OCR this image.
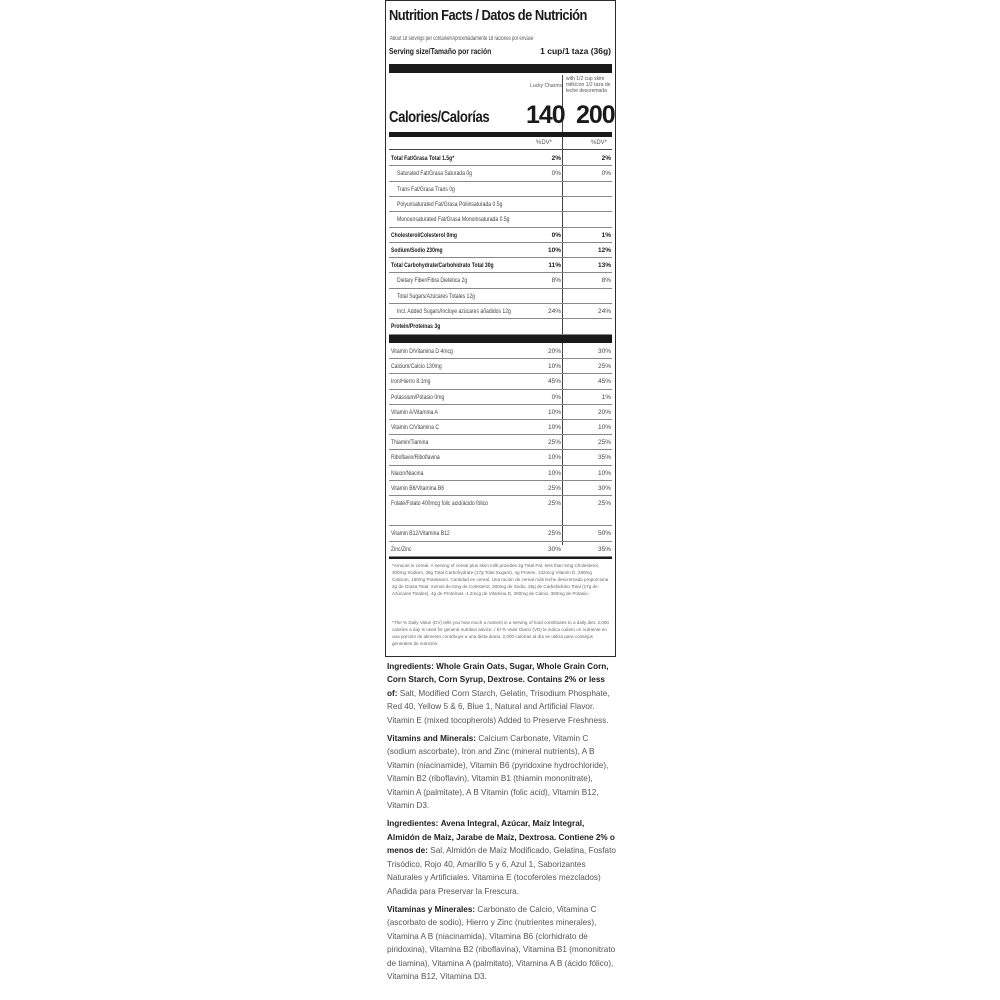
Nutrition Facts / Datos de Nutrición
About 18 servings per container/Aproximadamente 18 raciones por envase
Serving size/Tamaño por ración	1 cup/1 taza (36g)
Lucky Charms
with 1/2 cup skim milk/con 1/2 taza de leche descremada
Calories/Calorías 140 200
%DV*	%DV*
*Amount in cereal. A serving of cereal plus skim milk provides 2g Total Fat, less than 5mg Cholesterol, 300mg Sodium, 36g Total Carbohydrate (17g Total Sugars), 4g Protein, 132mcg Vitamin D, 280mg Calcium, 160mg Potassium. Cantidad en cereal. Una ración de cereal más leche descremada proporciona 2g de Grasa Total, menos de 5mg de Colesterol, 300mg de Sodio, 36g de Carbohidrato Total (17g de Azúcares Totales), 4g de Proteínas, 4.2mcg de Vitamina D, 280mg de Calcio, 360mg de Potasio.
*The % Daily Value (DV) tells you how much a nutrient in a serving of food contributes to a daily diet. 2,000 calories a day is used for general nutrition advice. / El % Valor Diario (VD) le indica cuánto un nutriente en una porción de alimento contribuye a una dieta diaria. 2,000 calorías al día se utiliza para consejos generales de nutrición.
Total Fat/Grasa Total 1.5g*	2%	2%
Saturated Fat/Grasa Saturada 0g	0%	0%
Trans Fat/Grasa Trans 0g
Polyunsaturated Fat/Grasa Poliinsaturada 0.5g
Monounsaturated Fat/Grasa Monoinsaturada 0.5g
Cholesterol/Colesterol 0mg	0%	1%
Sodium/Sodio 230mg	10%	12%
Total Carbohydrate/Carbohidrato Total 30g	11%	13%
Dietary Fiber/Fibra Dietética 2g	8%	8%
Total Sugars/Azúcares Totales 12g
Incl. Added Sugars/Incluye azúcares añadidos 12g	24%	24%
Protein/Proteínas 3g
Vitamin D/Vitamina D 4mcg	20%	30%
Calcium/Calcio 130mg	10%	25%
Iron/Hierro 8.1mg	45%	45%
Potassium/Potasio 0mg	0%	1%
Vitamin A/Vitamina A	10%	20%
Vitamin C/Vitamina C	10%	10%
Thiamin/Tiamina	25%	25%
Riboflavin/Riboflavina	10%	35%
Niacin/Niacina	10%	10%
Vitamin B6/Vitamina B6	25%	30%
Folate/Folato 400mcg folic acid/ácido fólico	25%	25%
Vitamin B12/Vitamina B12	25%	50%
Zinc/Zinc	30%	35%

Ingredients: Whole Grain Oats, Sugar, Whole Grain Corn, Corn Starch, Corn Syrup, Dextrose. Contains 2% or less of: Salt, Modified Corn Starch, Gelatin, Trisodium Phosphate, Red 40, Yellow 5 & 6, Blue 1, Natural and Artificial Flavor. Vitamin E (mixed tocopherols) Added to Preserve Freshness.

Vitamins and Minerals: Calcium Carbonate, Vitamin C (sodium ascorbate), Iron and Zinc (mineral nutrients), A B Vitamin (niacinamide), Vitamin B6 (pyridoxine hydrochloride), Vitamin B2 (riboflavin), Vitamin B1 (thiamin mononitrate), Vitamin A (palmitate), A B Vitamin (folic acid), Vitamin B12, Vitamin D3.

Ingredientes: Avena Integral, Azúcar, Maíz Integral, Almidón de Maíz, Jarabe de Maíz, Dextrosa. Contiene 2% o menos de: Sal, Almidón de Maíz Modificado, Gelatina, Fosfato Trisódico, Rojo 40, Amarillo 5 y 6, Azul 1, Saborizantes Naturales y Artificiales. Vitamina E (tocoferoles mezclados) Añadida para Preservar la Frescura.

Vitaminas y Minerales: Carbonato de Calcio, Vitamina C (ascorbato de sodio), Hierro y Zinc (nutrientes minerales), Vitamina A B (niacinamida), Vitamina B6 (clorhidrato de piridoxina), Vitamina B2 (riboflavina), Vitamina B1 (mononitrato de tiamina), Vitamina A (palmitato), Vitamina A B (ácido fólico), Vitamina B12, Vitamina D3.
